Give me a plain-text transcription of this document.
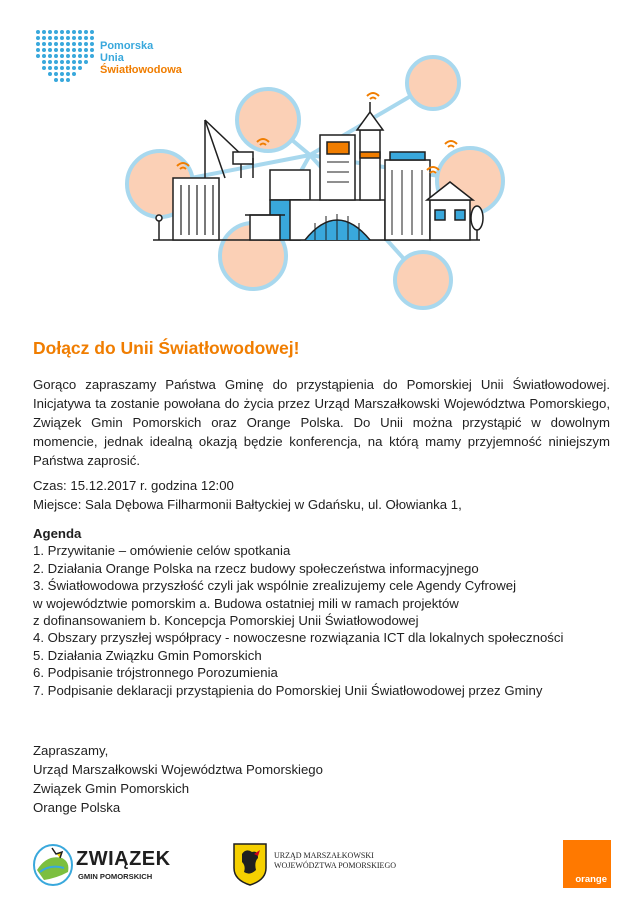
Pomorska
Unia
Światłowodowa
Dołącz do Unii Światłowodowej!

Gorąco zapraszamy Państwa Gminę do przystąpienia do Pomorskiej Unii Światłowodowej. Inicjatywa ta zostanie powołana do życia przez Urząd Marszałkowski Województwa Pomorskiego, Związek Gmin Pomorskich oraz Orange Polska. Do Unii można przystąpić w dowolnym momencie, jednak idealną okazją będzie konferencja, na którą mamy przyjemność niniejszym Państwa zaprosić.

Czas: 15.12.2017 r. godzina 12:00
Miejsce: Sala Dębowa Filharmonii Bałtyckiej w Gdańsku, ul. Ołowianka 1,
Agenda
1. Przywitanie – omówienie celów spotkania
2. Działania Orange Polska na rzecz budowy społeczeństwa informacyjnego
3. Światłowodowa przyszłość czyli jak wspólnie zrealizujemy cele Agendy Cyfrowej
w województwie pomorskim a. Budowa ostatniej mili w ramach projektów
z dofinansowaniem b. Koncepcja Pomorskiej Unii Światłowodowej
4. Obszary przyszłej współpracy - nowoczesne rozwiązania ICT dla lokalnych społeczności
5. Działania Związku Gmin Pomorskich
6. Podpisanie trójstronnego Porozumienia
7. Podpisanie deklaracji przystąpienia do Pomorskiej Unii Światłowodowej przez Gminy
Zapraszamy,
Urząd Marszałkowski Województwa Pomorskiego
Związek Gmin Pomorskich
Orange Polska
ZWIĄZEK
GMIN POMORSKICH
URZĄD MARSZAŁKOWSKI
WOJEWÓDZTWA POMORSKIEGO
orange
